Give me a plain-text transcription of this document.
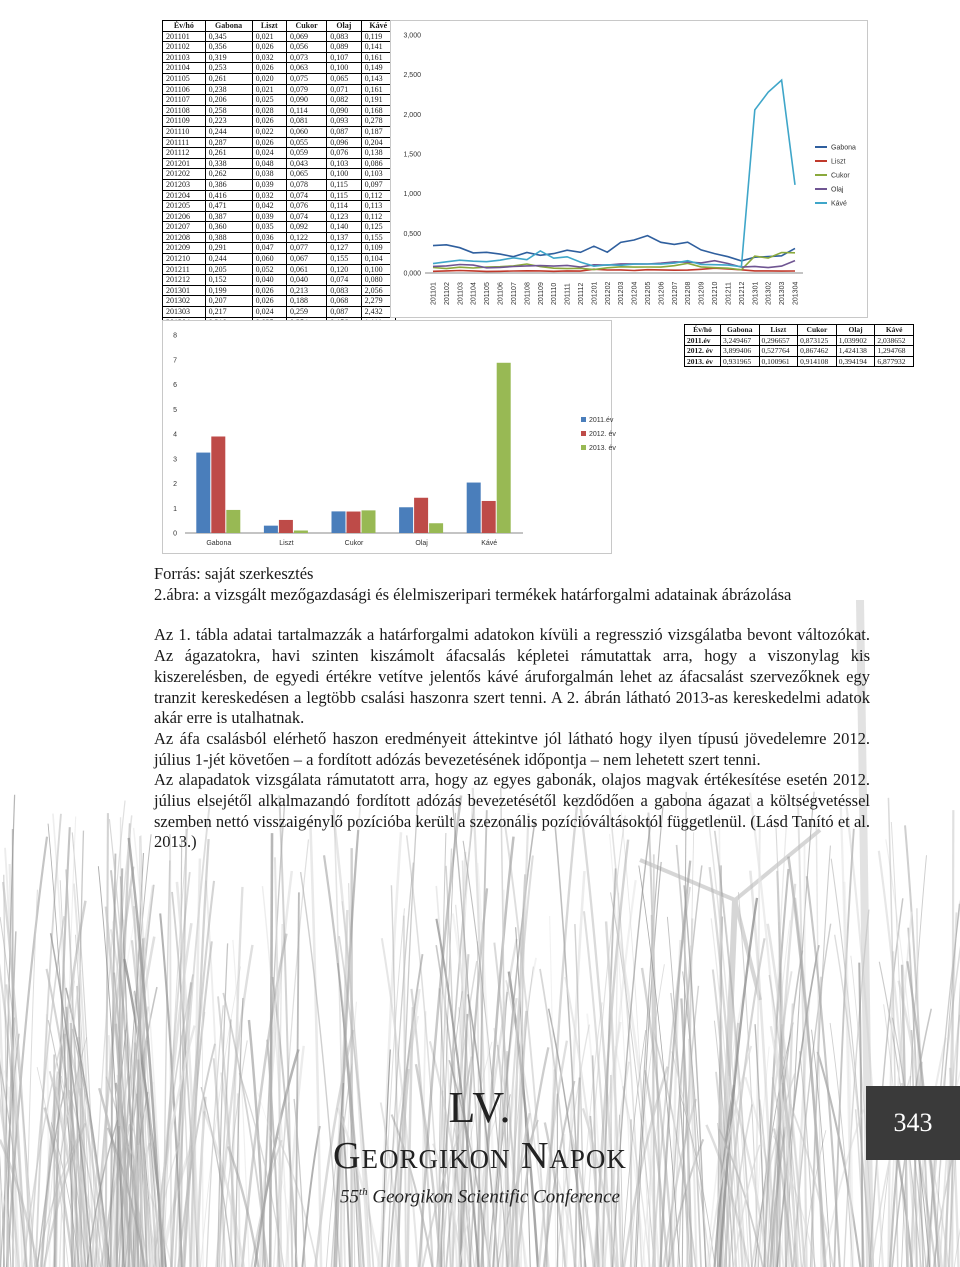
Év/hó	Gabona	Liszt	Cukor	Olaj	Kávé
201101	0,345	0,021	0,069	0,083	0,119
201102	0,356	0,026	0,056	0,089	0,141
201103	0,319	0,032	0,073	0,107	0,161
201104	0,253	0,026	0,063	0,100	0,149
201105	0,261	0,020	0,075	0,065	0,143
201106	0,238	0,021	0,079	0,071	0,161
201107	0,206	0,025	0,090	0,082	0,191
201108	0,258	0,028	0,114	0,090	0,168
201109	0,223	0,026	0,081	0,093	0,278
201110	0,244	0,022	0,060	0,087	0,187
201111	0,287	0,026	0,055	0,096	0,204
201112	0,261	0,024	0,059	0,076	0,138
201201	0,338	0,048	0,043	0,103	0,086
201202	0,262	0,038	0,065	0,100	0,103
201203	0,386	0,039	0,078	0,115	0,097
201204	0,416	0,032	0,074	0,115	0,112
201205	0,471	0,042	0,076	0,114	0,113
201206	0,387	0,039	0,074	0,123	0,112
201207	0,360	0,035	0,092	0,140	0,125
201208	0,388	0,036	0,122	0,137	0,155
201209	0,291	0,047	0,077	0,127	0,109
201210	0,244	0,060	0,067	0,155	0,104
201211	0,205	0,052	0,061	0,120	0,100
201212	0,152	0,040	0,040	0,074	0,080
201301	0,199	0,026	0,213	0,083	2,056
201302	0,207	0,026	0,188	0,068	2,279
201303	0,217	0,024	0,259	0,087	2,432

0,000
0,500
1,000
1,500
2,000
2,500
3,000
201101 201102 201103 201104 201105 201106 201107 201108 201109 201110 201111 201112 201201 201202 201203 201204 201205 201206 201207 201208 201209 201210 201211 201212 201301 201302 201303 201304
Gabona
Liszt
Cukor
Olaj
Kávé
0
1
2
3
4
5
6
7
8
Gabona	Liszt	Cukor	Olaj	Kávé
2011.év
2012. év
2013. év
Év/hó	Gabona	Liszt	Cukor	Olaj	Kávé
2011.év	3,249467	0,296657	0,873125	1,039902	2,038652
2012. év	3,899406	0,527764	0,867462	1,424138	1,294768
2013. év	0,931965	0,100961	0,914108	0,394194	6,877932

Forrás: saját szerkesztés

2.ábra: a vizsgált mezőgazdasági és élelmiszeripari termékek határforgalmi adatainak ábrázolása

Az 1. tábla adatai tartalmazzák a határforgalmi adatokon kívüli a regresszió vizsgálatba bevont változókat. Az ágazatokra, havi szinten kiszámolt áfacsalás képletei rámutattak arra, hogy a viszonylag kis kiszerelésben, de egyedi értékre vetítve jelentős kávé áruforgalmán lehet az áfacsalást szervezőknek egy tranzit kereskedésen a legtöbb csalási haszonra szert tenni. A 2. ábrán látható 2013-as kereskedelmi adatok akár erre is utalhatnak.

Az áfa csalásból elérhető haszon eredményeit áttekintve jól látható hogy ilyen típusú jövedelemre 2012. július 1-jét követően – a fordított adózás bevezetésének időpontja – nem lehetett szert tenni.

Az alapadatok vizsgálata rámutatott arra, hogy az egyes gabonák, olajos magvak értékesítése esetén 2012. július elsejétől alkalmazandó fordított adózás bevezetésétől kezdődően a gabona ágazat a költségvetéssel szemben nettó visszaigénylő pozícióba került a szezonális pozícióváltásoktól függetlenül. (Lásd Tanító et al. 2013.)

LV.
Georgikon Napok
55th Georgikon Scientific Conference
343
